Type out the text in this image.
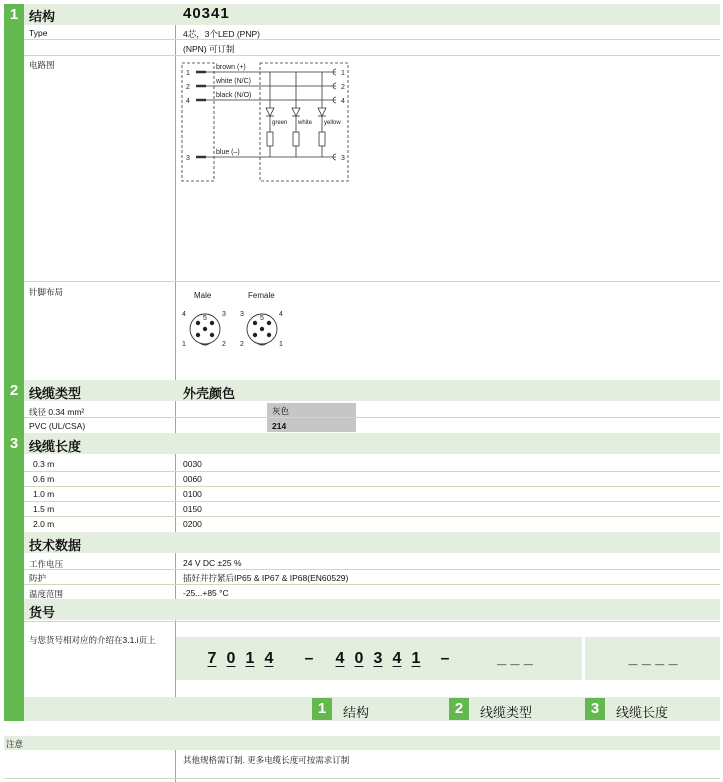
1 结构	40341
Type	4芯，3个LED (PNP)
(NPN) 可订制
电路图
1
2
4
3
brown (+)
white (N/C)
black (N/O)
blue (–)
1
2
4
3
green white yellow
针脚布局	Male	Female
4	3
1	2
5
3	4
2	1
5
2 线缆类型	外壳颜色
线径 0.34 mm²	灰色
PVC (UL/CSA)	214
3 线缆长度
0.3 m	0030
0.6 m	0060
1.0 m	0100
1.5 m	0150
2.0 m	0200
技术数据
工作电压	24 V DC ±25 %
防护	插好并拧紧后IP65 & IP67 & IP68(EN60529)
温度范围	-25...+85 °C
货号
与您货号相对应的介绍在3.1.i页上
7 0 1 4 – 4 0 3 4 1 –	_ _ _	_ _ _ _
1	结构	2	线缆类型	3	线缆长度
注意
其他规格需订制. 更多电缆长度可按需求订制
